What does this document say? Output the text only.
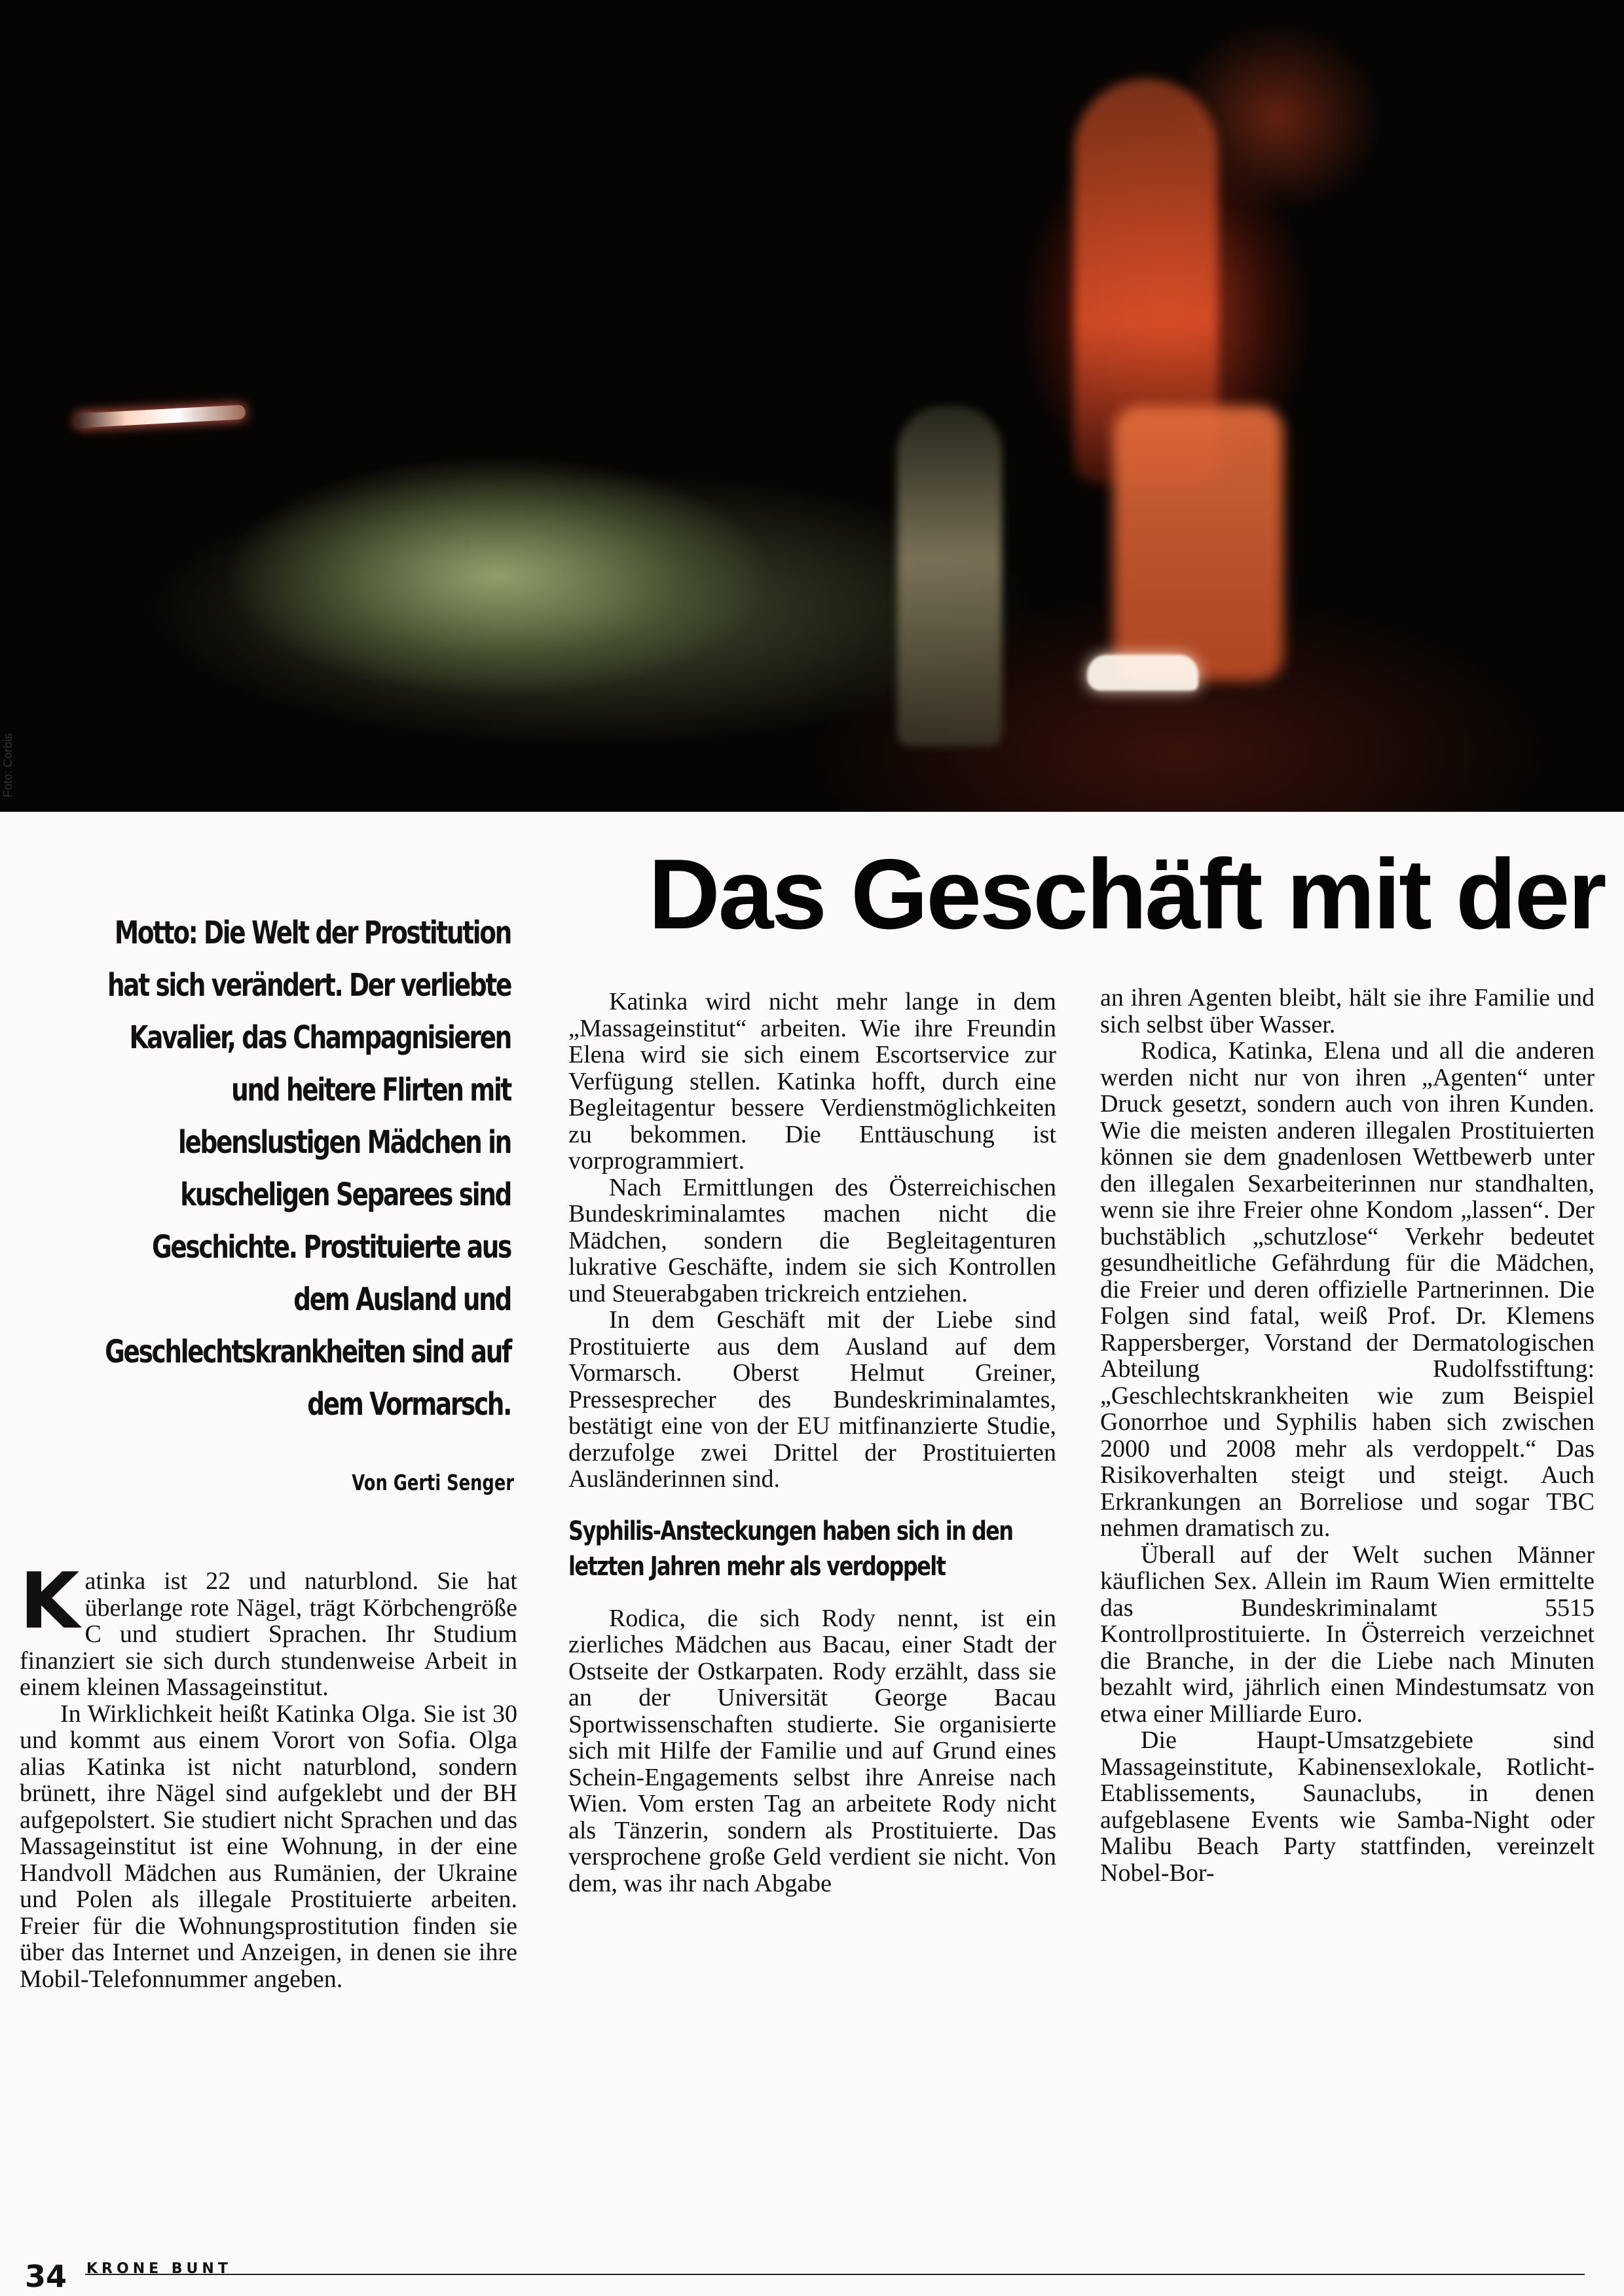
Foto: Corbis
Das Geschäft mit der
Motto: Die Welt der Prostitution hat sich verändert. Der verliebte Kavalier, das Champagnisieren und heitere Flirten mit lebenslustigen Mädchen in kuscheligen Separees sind Geschichte. Prostituierte aus dem Ausland und Geschlechtskrankheiten sind auf dem Vormarsch.
Von Gerti Senger

Katinka ist 22 und naturblond. Sie hat überlange rote Nägel, trägt Körbchengröße C und studiert Sprachen. Ihr Studium finanziert sie sich durch stundenweise Arbeit in einem kleinen Massageinstitut.

In Wirklichkeit heißt Katinka Olga. Sie ist 30 und kommt aus einem Vorort von Sofia. Olga alias Katinka ist nicht naturblond, sondern brünett, ihre Nägel sind aufgeklebt und der BH aufgepolstert. Sie studiert nicht Sprachen und das Massageinstitut ist eine Wohnung, in der eine Handvoll Mädchen aus Rumänien, der Ukraine und Polen als illegale Prostituierte arbeiten. Freier für die Wohnungsprostitution finden sie über das Internet und Anzeigen, in denen sie ihre Mobil-Telefonnummer angeben.

Katinka wird nicht mehr lange in dem „Massageinstitut“ arbeiten. Wie ihre Freundin Elena wird sie sich einem Escortservice zur Verfügung stellen. Katinka hofft, durch eine Begleitagentur bessere Verdienstmöglichkeiten zu bekommen. Die Enttäuschung ist vorprogrammiert.

Nach Ermittlungen des Österreichischen Bundeskriminalamtes machen nicht die Mädchen, sondern die Begleitagenturen lukrative Geschäfte, indem sie sich Kontrollen und Steuerabgaben trickreich entziehen.

In dem Geschäft mit der Liebe sind Prostituierte aus dem Ausland auf dem Vormarsch. Oberst Helmut Greiner, Pressesprecher des Bundeskriminalamtes, bestätigt eine von der EU mitfinanzierte Studie, derzufolge zwei Drittel der Prostituierten Ausländerinnen sind.

Syphilis-Ansteckungen haben sich in den letzten Jahren mehr als verdoppelt

Rodica, die sich Rody nennt, ist ein zierliches Mädchen aus Bacau, einer Stadt der Ostseite der Ostkarpaten. Rody erzählt, dass sie an der Universität George Bacau Sportwissenschaften studierte. Sie organisierte sich mit Hilfe der Familie und auf Grund eines Schein-Engagements selbst ihre Anreise nach Wien. Vom ersten Tag an arbeitete Rody nicht als Tänzerin, sondern als Prostituierte. Das versprochene große Geld verdient sie nicht. Von dem, was ihr nach Abgabe

an ihren Agenten bleibt, hält sie ihre Familie und sich selbst über Wasser.

Rodica, Katinka, Elena und all die anderen werden nicht nur von ihren „Agenten“ unter Druck gesetzt, sondern auch von ihren Kunden. Wie die meisten anderen illegalen Prostituierten können sie dem gnadenlosen Wettbewerb unter den illegalen Sexarbeiterinnen nur standhalten, wenn sie ihre Freier ohne Kondom „lassen“. Der buchstäblich „schutzlose“ Verkehr bedeutet gesundheitliche Gefährdung für die Mädchen, die Freier und deren offizielle Partnerinnen. Die Folgen sind fatal, weiß Prof. Dr. Klemens Rappersberger, Vorstand der Dermatologischen Abteilung Rudolfsstiftung: „Geschlechtskrankheiten wie zum Beispiel Gonorrhoe und Syphilis haben sich zwischen 2000 und 2008 mehr als verdoppelt.“ Das Risikoverhalten steigt und steigt. Auch Erkrankungen an Borreliose und sogar TBC nehmen dramatisch zu.

Überall auf der Welt suchen Männer käuflichen Sex. Allein im Raum Wien ermittelte das Bundeskriminalamt 5515 Kontrollprostituierte. In Österreich verzeichnet die Branche, in der die Liebe nach Minuten bezahlt wird, jährlich einen Mindestumsatz von etwa einer Milliarde Euro.

Die Haupt-Umsatzgebiete sind Massageinstitute, Kabinensexlokale, Rotlicht-Etablissements, Saunaclubs, in denen aufgeblasene Events wie Samba-Night oder Malibu Beach Party stattfinden, vereinzelt Nobel-Bor-

34 KRONE BUNT
